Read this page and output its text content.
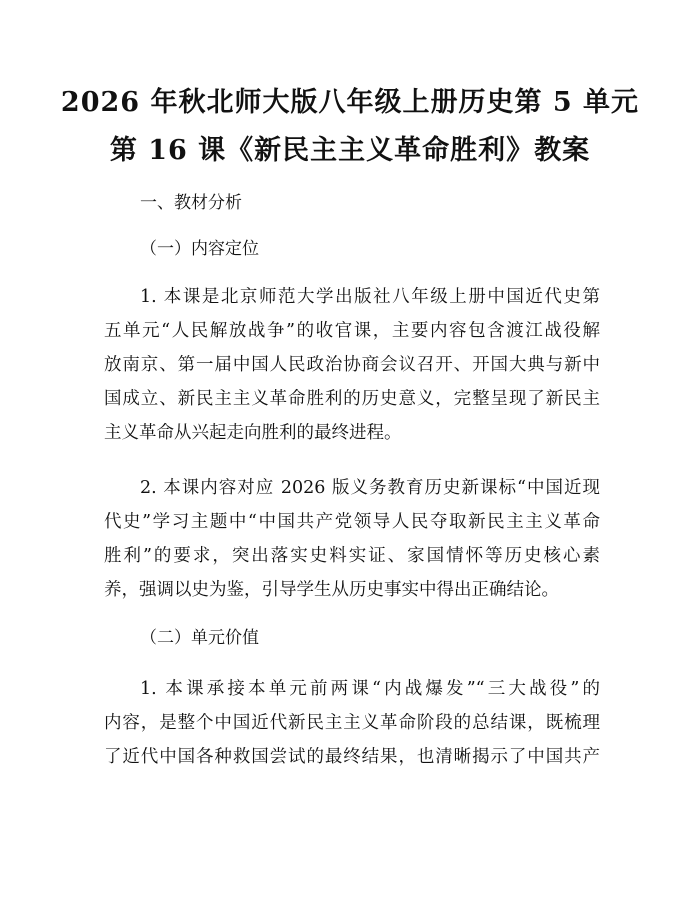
2026 年秋北师大版八年级上册历史第 5 单元
第 16 课《新民主主义革命胜利》教案
一、教材分析
（一）内容定位
1. 本课是北京师范大学出版社八年级上册中国近代史第
五单元“人民解放战争”的收官课，主要内容包含渡江战役解
放南京、第一届中国人民政治协商会议召开、开国大典与新中
国成立、新民主主义革命胜利的历史意义，完整呈现了新民主
主义革命从兴起走向胜利的最终进程。
2. 本课内容对应 2026 版义务教育历史新课标“中国近现
代史”学习主题中“中国共产党领导人民夺取新民主主义革命
胜利”的要求，突出落实史料实证、家国情怀等历史核心素
养，强调以史为鉴，引导学生从历史事实中得出正确结论。
（二）单元价值
1. 本课承接本单元前两课“内战爆发”“三大战役”的
内容，是整个中国近代新民主主义革命阶段的总结课，既梳理
了近代中国各种救国尝试的最终结果，也清晰揭示了中国共产
